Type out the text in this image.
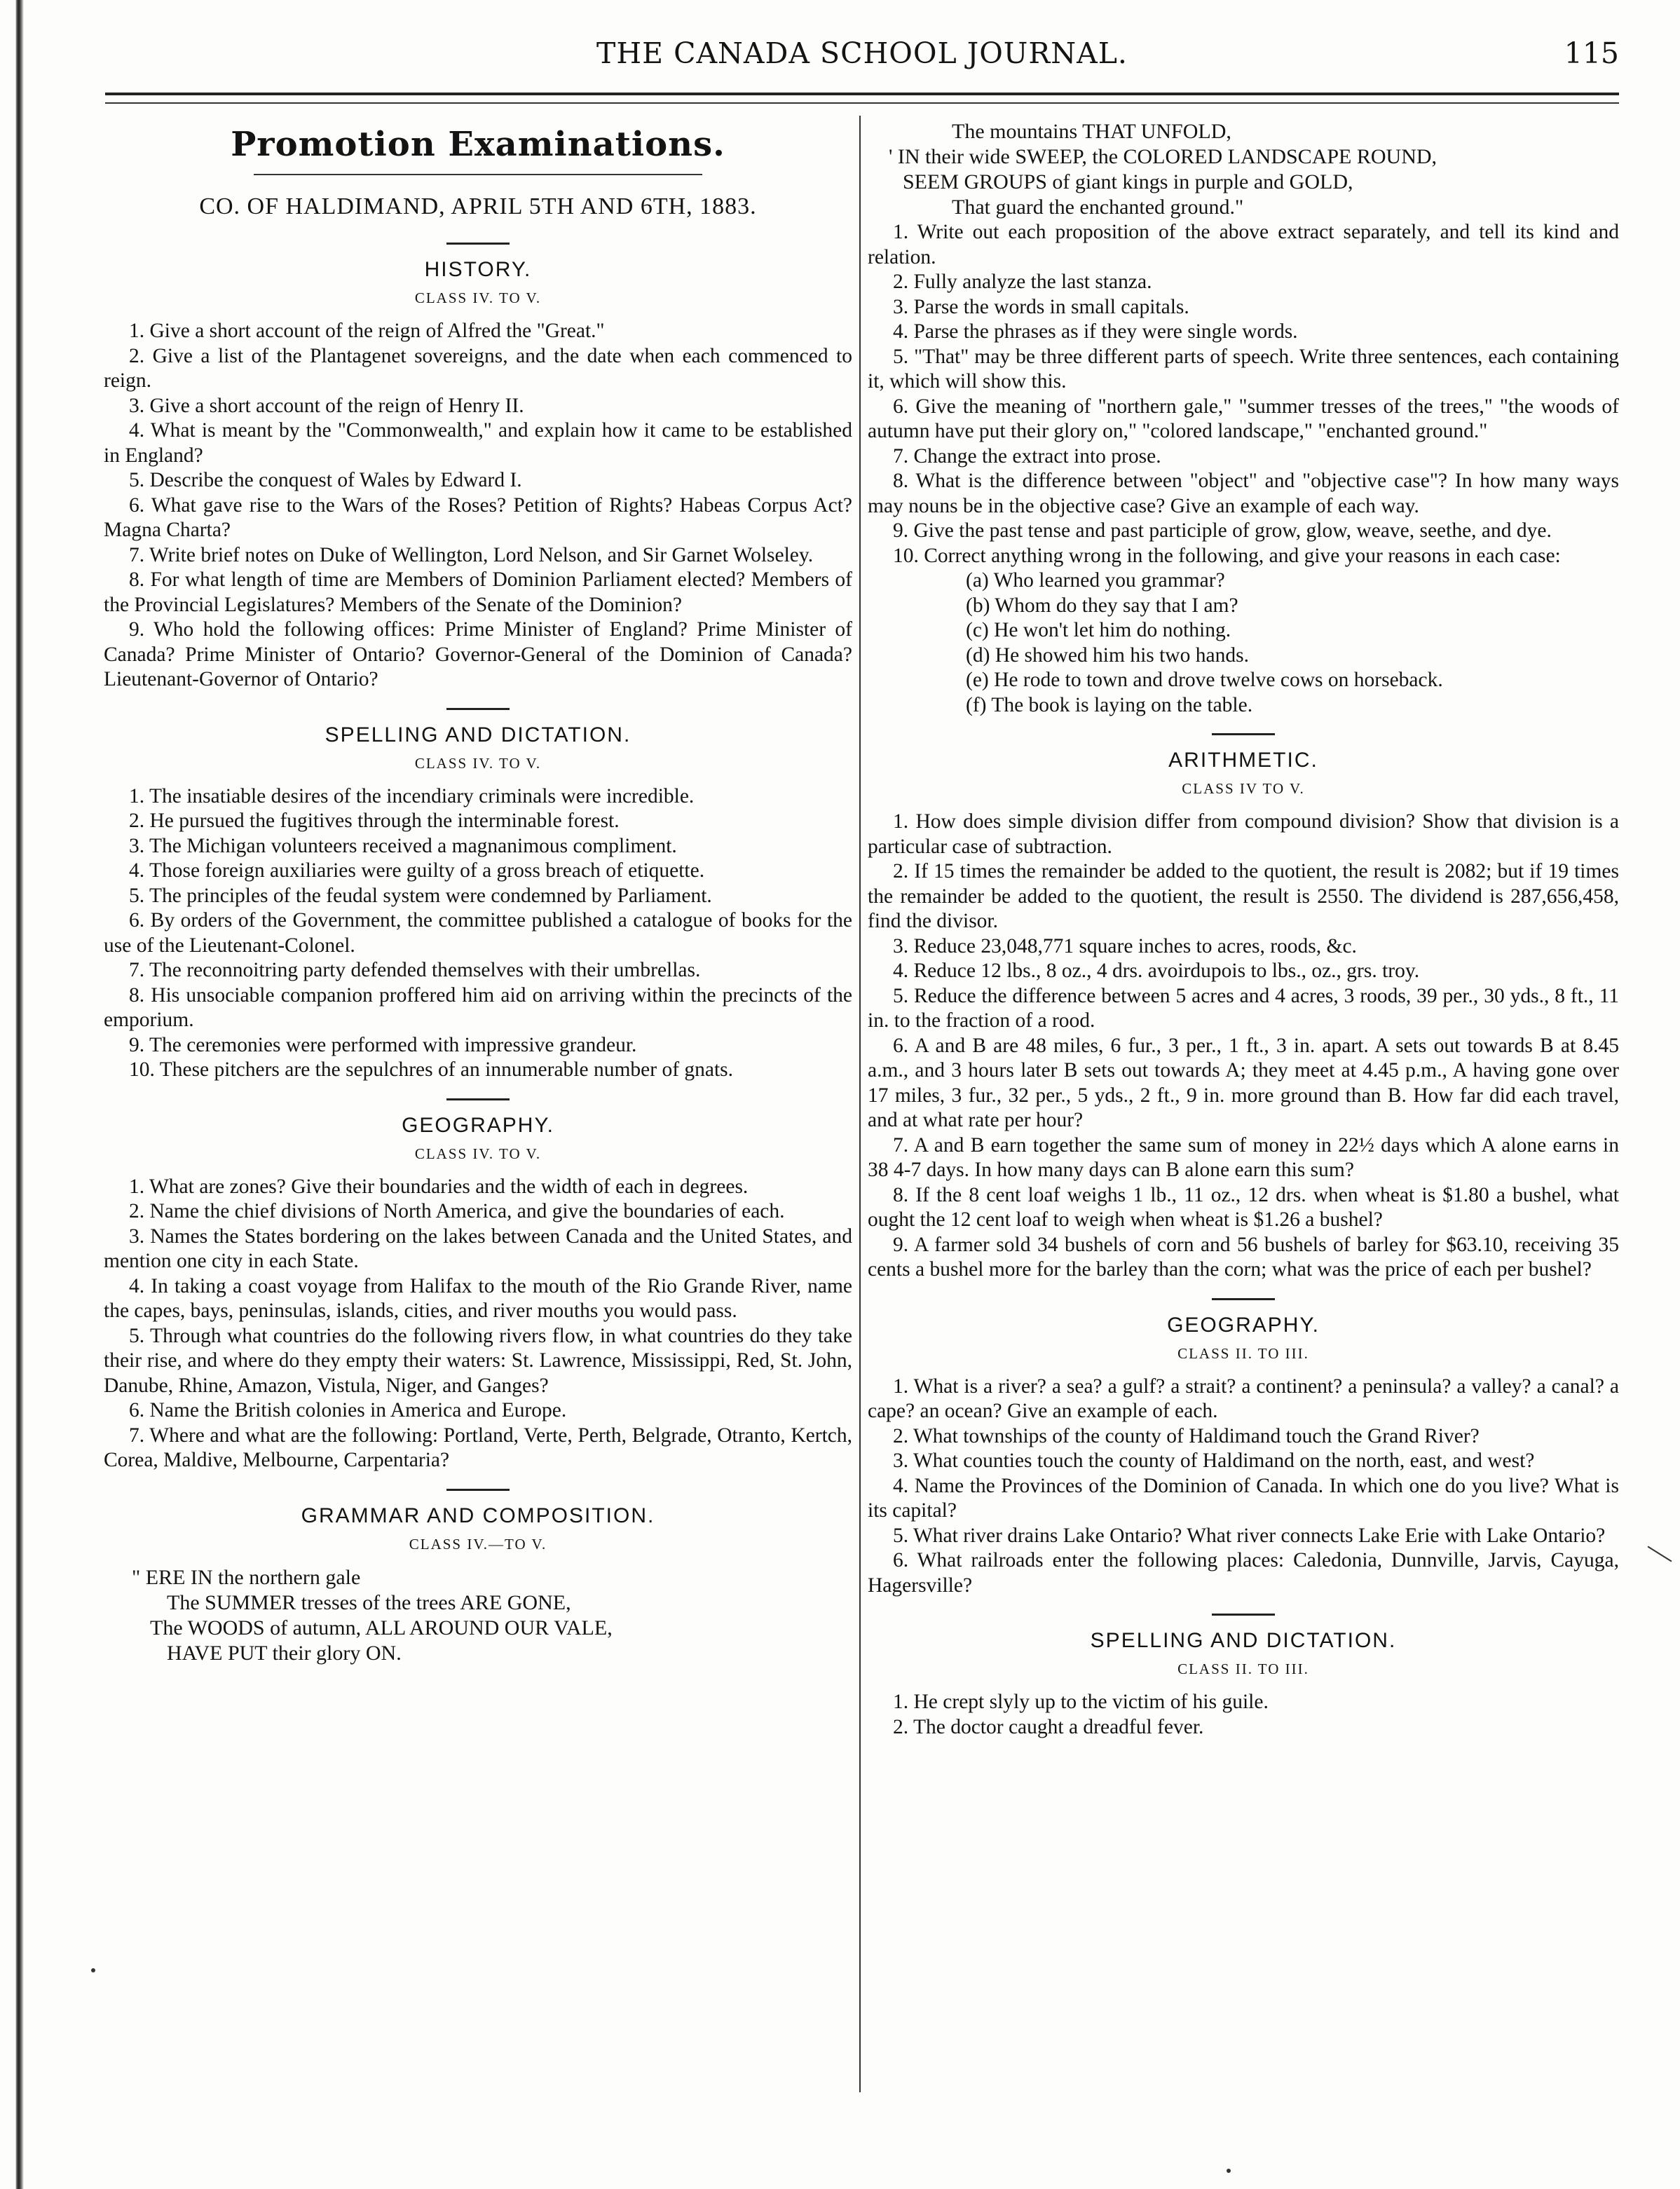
THE CANADA SCHOOL JOURNAL.	115
Promotion Examinations.
CO. OF HALDIMAND, APRIL 5TH AND 6TH, 1883.
HISTORY.
CLASS IV. TO V.

1. Give a short account of the reign of Alfred the "Great."

2. Give a list of the Plantagenet sovereigns, and the date when each commenced to reign.

3. Give a short account of the reign of Henry II.

4. What is meant by the "Commonwealth," and explain how it came to be established in England?

5. Describe the conquest of Wales by Edward I.

6. What gave rise to the Wars of the Roses? Petition of Rights? Habeas Corpus Act? Magna Charta?

7. Write brief notes on Duke of Wellington, Lord Nelson, and Sir Garnet Wolseley.

8. For what length of time are Members of Dominion Parliament elected? Members of the Provincial Legislatures? Members of the Senate of the Dominion?

9. Who hold the following offices: Prime Minister of England? Prime Minister of Canada? Prime Minister of Ontario? Governor-General of the Dominion of Canada? Lieutenant-Governor of Ontario?

SPELLING AND DICTATION.
CLASS IV. TO V.

1. The insatiable desires of the incendiary criminals were incredible.

2. He pursued the fugitives through the interminable forest.

3. The Michigan volunteers received a magnanimous compliment.

4. Those foreign auxiliaries were guilty of a gross breach of etiquette.

5. The principles of the feudal system were condemned by Parliament.

6. By orders of the Government, the committee published a catalogue of books for the use of the Lieutenant-Colonel.

7. The reconnoitring party defended themselves with their umbrellas.

8. His unsociable companion proffered him aid on arriving within the precincts of the emporium.

9. The ceremonies were performed with impressive grandeur.

10. These pitchers are the sepulchres of an innumerable number of gnats.

GEOGRAPHY.
CLASS IV. TO V.

1. What are zones? Give their boundaries and the width of each in degrees.

2. Name the chief divisions of North America, and give the boundaries of each.

3. Names the States bordering on the lakes between Canada and the United States, and mention one city in each State.

4. In taking a coast voyage from Halifax to the mouth of the Rio Grande River, name the capes, bays, peninsulas, islands, cities, and river mouths you would pass.

5. Through what countries do the following rivers flow, in what countries do they take their rise, and where do they empty their waters: St. Lawrence, Mississippi, Red, St. John, Danube, Rhine, Amazon, Vistula, Niger, and Ganges?

6. Name the British colonies in America and Europe.

7. Where and what are the following: Portland, Verte, Perth, Belgrade, Otranto, Kertch, Corea, Maldive, Melbourne, Carpentaria?

GRAMMAR AND COMPOSITION.
CLASS IV.—TO V.
" ERE IN the northern gale
The SUMMER tresses of the trees ARE GONE,
The WOODS of autumn, ALL AROUND OUR VALE,
HAVE PUT their glory ON.
The mountains THAT UNFOLD,
' IN their wide SWEEP, the COLORED LANDSCAPE ROUND,
SEEM GROUPS of giant kings in purple and GOLD,
That guard the enchanted ground."

1. Write out each proposition of the above extract separately, and tell its kind and relation.

2. Fully analyze the last stanza.

3. Parse the words in small capitals.

4. Parse the phrases as if they were single words.

5. "That" may be three different parts of speech. Write three sentences, each containing it, which will show this.

6. Give the meaning of "northern gale," "summer tresses of the trees," "the woods of autumn have put their glory on," "colored landscape," "enchanted ground."

7. Change the extract into prose.

8. What is the difference between "object" and "objective case"? In how many ways may nouns be in the objective case? Give an example of each way.

9. Give the past tense and past participle of grow, glow, weave, seethe, and dye.

10. Correct anything wrong in the following, and give your reasons in each case:

(a) Who learned you grammar?

(b) Whom do they say that I am?

(c) He won't let him do nothing.

(d) He showed him his two hands.

(e) He rode to town and drove twelve cows on horseback.

(f) The book is laying on the table.

ARITHMETIC.
CLASS IV TO V.

1. How does simple division differ from compound division? Show that division is a particular case of subtraction.

2. If 15 times the remainder be added to the quotient, the result is 2082; but if 19 times the remainder be added to the quotient, the result is 2550. The dividend is 287,656,458, find the divisor.

3. Reduce 23,048,771 square inches to acres, roods, &c.

4. Reduce 12 lbs., 8 oz., 4 drs. avoirdupois to lbs., oz., grs. troy.

5. Reduce the difference between 5 acres and 4 acres, 3 roods, 39 per., 30 yds., 8 ft., 11 in. to the fraction of a rood.

6. A and B are 48 miles, 6 fur., 3 per., 1 ft., 3 in. apart. A sets out towards B at 8.45 a.m., and 3 hours later B sets out towards A; they meet at 4.45 p.m., A having gone over 17 miles, 3 fur., 32 per., 5 yds., 2 ft., 9 in. more ground than B. How far did each travel, and at what rate per hour?

7. A and B earn together the same sum of money in 22½ days which A alone earns in 38 4-7 days. In how many days can B alone earn this sum?

8. If the 8 cent loaf weighs 1 lb., 11 oz., 12 drs. when wheat is $1.80 a bushel, what ought the 12 cent loaf to weigh when wheat is $1.26 a bushel?

9. A farmer sold 34 bushels of corn and 56 bushels of barley for $63.10, receiving 35 cents a bushel more for the barley than the corn; what was the price of each per bushel?

GEOGRAPHY.
CLASS II. TO III.

1. What is a river? a sea? a gulf? a strait? a continent? a peninsula? a valley? a canal? a cape? an ocean? Give an example of each.

2. What townships of the county of Haldimand touch the Grand River?

3. What counties touch the county of Haldimand on the north, east, and west?

4. Name the Provinces of the Dominion of Canada. In which one do you live? What is its capital?

5. What river drains Lake Ontario? What river connects Lake Erie with Lake Ontario?

6. What railroads enter the following places: Caledonia, Dunnville, Jarvis, Cayuga, Hagersville?

SPELLING AND DICTATION.
CLASS II. TO III.

1. He crept slyly up to the victim of his guile.

2. The doctor caught a dreadful fever.
